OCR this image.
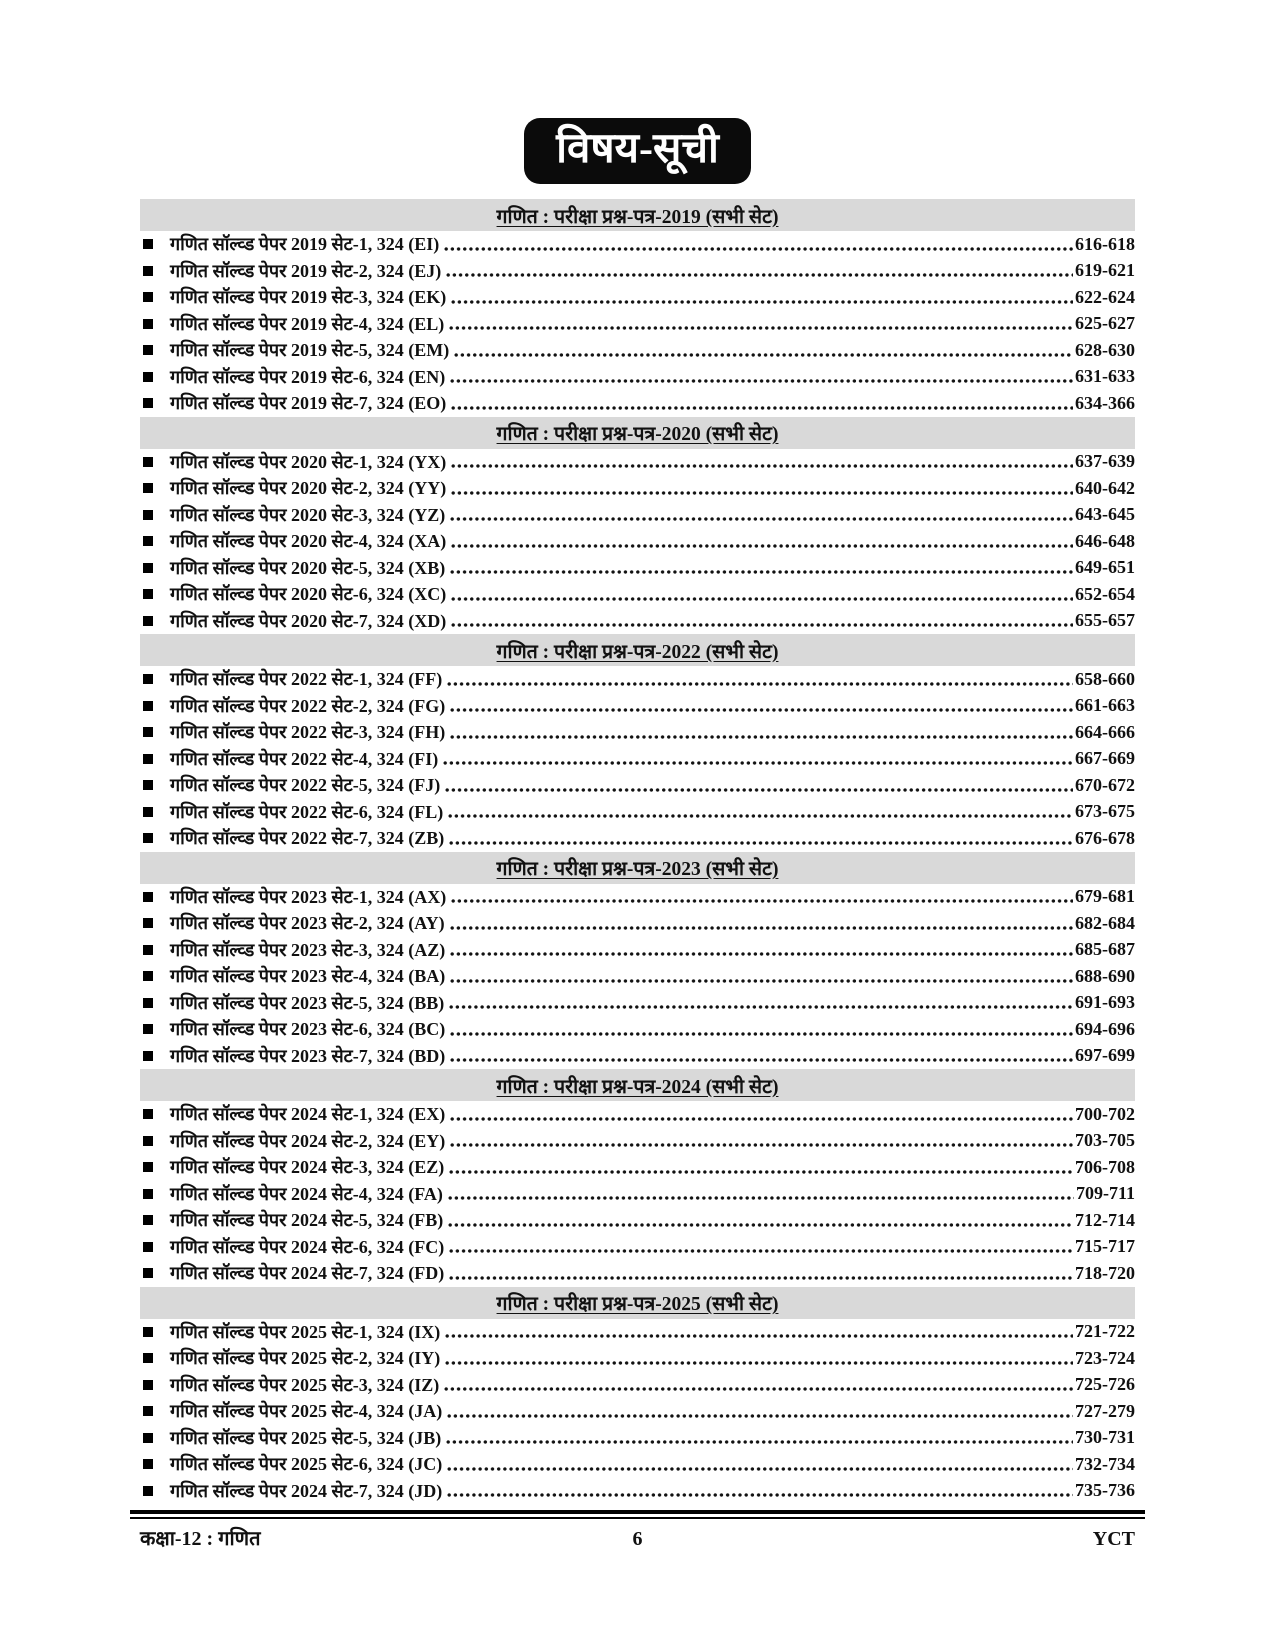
विषय-सूची
गणित : परीक्षा प्रश्न-पत्र-2019 (सभी सेट)
गणित सॉल्व्ड पेपर 2019 सेट-1, 324 (EI)	616-618
गणित सॉल्व्ड पेपर 2019 सेट-2, 324 (EJ)	619-621
गणित सॉल्व्ड पेपर 2019 सेट-3, 324 (EK)	622-624
गणित सॉल्व्ड पेपर 2019 सेट-4, 324 (EL)	625-627
गणित सॉल्व्ड पेपर 2019 सेट-5, 324 (EM)	628-630
गणित सॉल्व्ड पेपर 2019 सेट-6, 324 (EN)	631-633
गणित सॉल्व्ड पेपर 2019 सेट-7, 324 (EO)	634-366
गणित : परीक्षा प्रश्न-पत्र-2020 (सभी सेट)
गणित सॉल्व्ड पेपर 2020 सेट-1, 324 (YX)	637-639
गणित सॉल्व्ड पेपर 2020 सेट-2, 324 (YY)	640-642
गणित सॉल्व्ड पेपर 2020 सेट-3, 324 (YZ)	643-645
गणित सॉल्व्ड पेपर 2020 सेट-4, 324 (XA)	646-648
गणित सॉल्व्ड पेपर 2020 सेट-5, 324 (XB)	649-651
गणित सॉल्व्ड पेपर 2020 सेट-6, 324 (XC)	652-654
गणित सॉल्व्ड पेपर 2020 सेट-7, 324 (XD)	655-657
गणित : परीक्षा प्रश्न-पत्र-2022 (सभी सेट)
गणित सॉल्व्ड पेपर 2022 सेट-1, 324 (FF)	658-660
गणित सॉल्व्ड पेपर 2022 सेट-2, 324 (FG)	661-663
गणित सॉल्व्ड पेपर 2022 सेट-3, 324 (FH)	664-666
गणित सॉल्व्ड पेपर 2022 सेट-4, 324 (FI)	667-669
गणित सॉल्व्ड पेपर 2022 सेट-5, 324 (FJ)	670-672
गणित सॉल्व्ड पेपर 2022 सेट-6, 324 (FL)	673-675
गणित सॉल्व्ड पेपर 2022 सेट-7, 324 (ZB)	676-678
गणित : परीक्षा प्रश्न-पत्र-2023 (सभी सेट)
गणित सॉल्व्ड पेपर 2023 सेट-1, 324 (AX)	679-681
गणित सॉल्व्ड पेपर 2023 सेट-2, 324 (AY)	682-684
गणित सॉल्व्ड पेपर 2023 सेट-3, 324 (AZ)	685-687
गणित सॉल्व्ड पेपर 2023 सेट-4, 324 (BA)	688-690
गणित सॉल्व्ड पेपर 2023 सेट-5, 324 (BB)	691-693
गणित सॉल्व्ड पेपर 2023 सेट-6, 324 (BC)	694-696
गणित सॉल्व्ड पेपर 2023 सेट-7, 324 (BD)	697-699
गणित : परीक्षा प्रश्न-पत्र-2024 (सभी सेट)
गणित सॉल्व्ड पेपर 2024 सेट-1, 324 (EX)	700-702
गणित सॉल्व्ड पेपर 2024 सेट-2, 324 (EY)	703-705
गणित सॉल्व्ड पेपर 2024 सेट-3, 324 (EZ)	706-708
गणित सॉल्व्ड पेपर 2024 सेट-4, 324 (FA)	709-711
गणित सॉल्व्ड पेपर 2024 सेट-5, 324 (FB)	712-714
गणित सॉल्व्ड पेपर 2024 सेट-6, 324 (FC)	715-717
गणित सॉल्व्ड पेपर 2024 सेट-7, 324 (FD)	718-720
गणित : परीक्षा प्रश्न-पत्र-2025 (सभी सेट)
गणित सॉल्व्ड पेपर 2025 सेट-1, 324 (IX)	721-722
गणित सॉल्व्ड पेपर 2025 सेट-2, 324 (IY)	723-724
गणित सॉल्व्ड पेपर 2025 सेट-3, 324 (IZ)	725-726
गणित सॉल्व्ड पेपर 2025 सेट-4, 324 (JA)	727-279
गणित सॉल्व्ड पेपर 2025 सेट-5, 324 (JB)	730-731
गणित सॉल्व्ड पेपर 2025 सेट-6, 324 (JC)	732-734
गणित सॉल्व्ड पेपर 2024 सेट-7, 324 (JD)	735-736
कक्षा-12 : गणित	6	YCT
